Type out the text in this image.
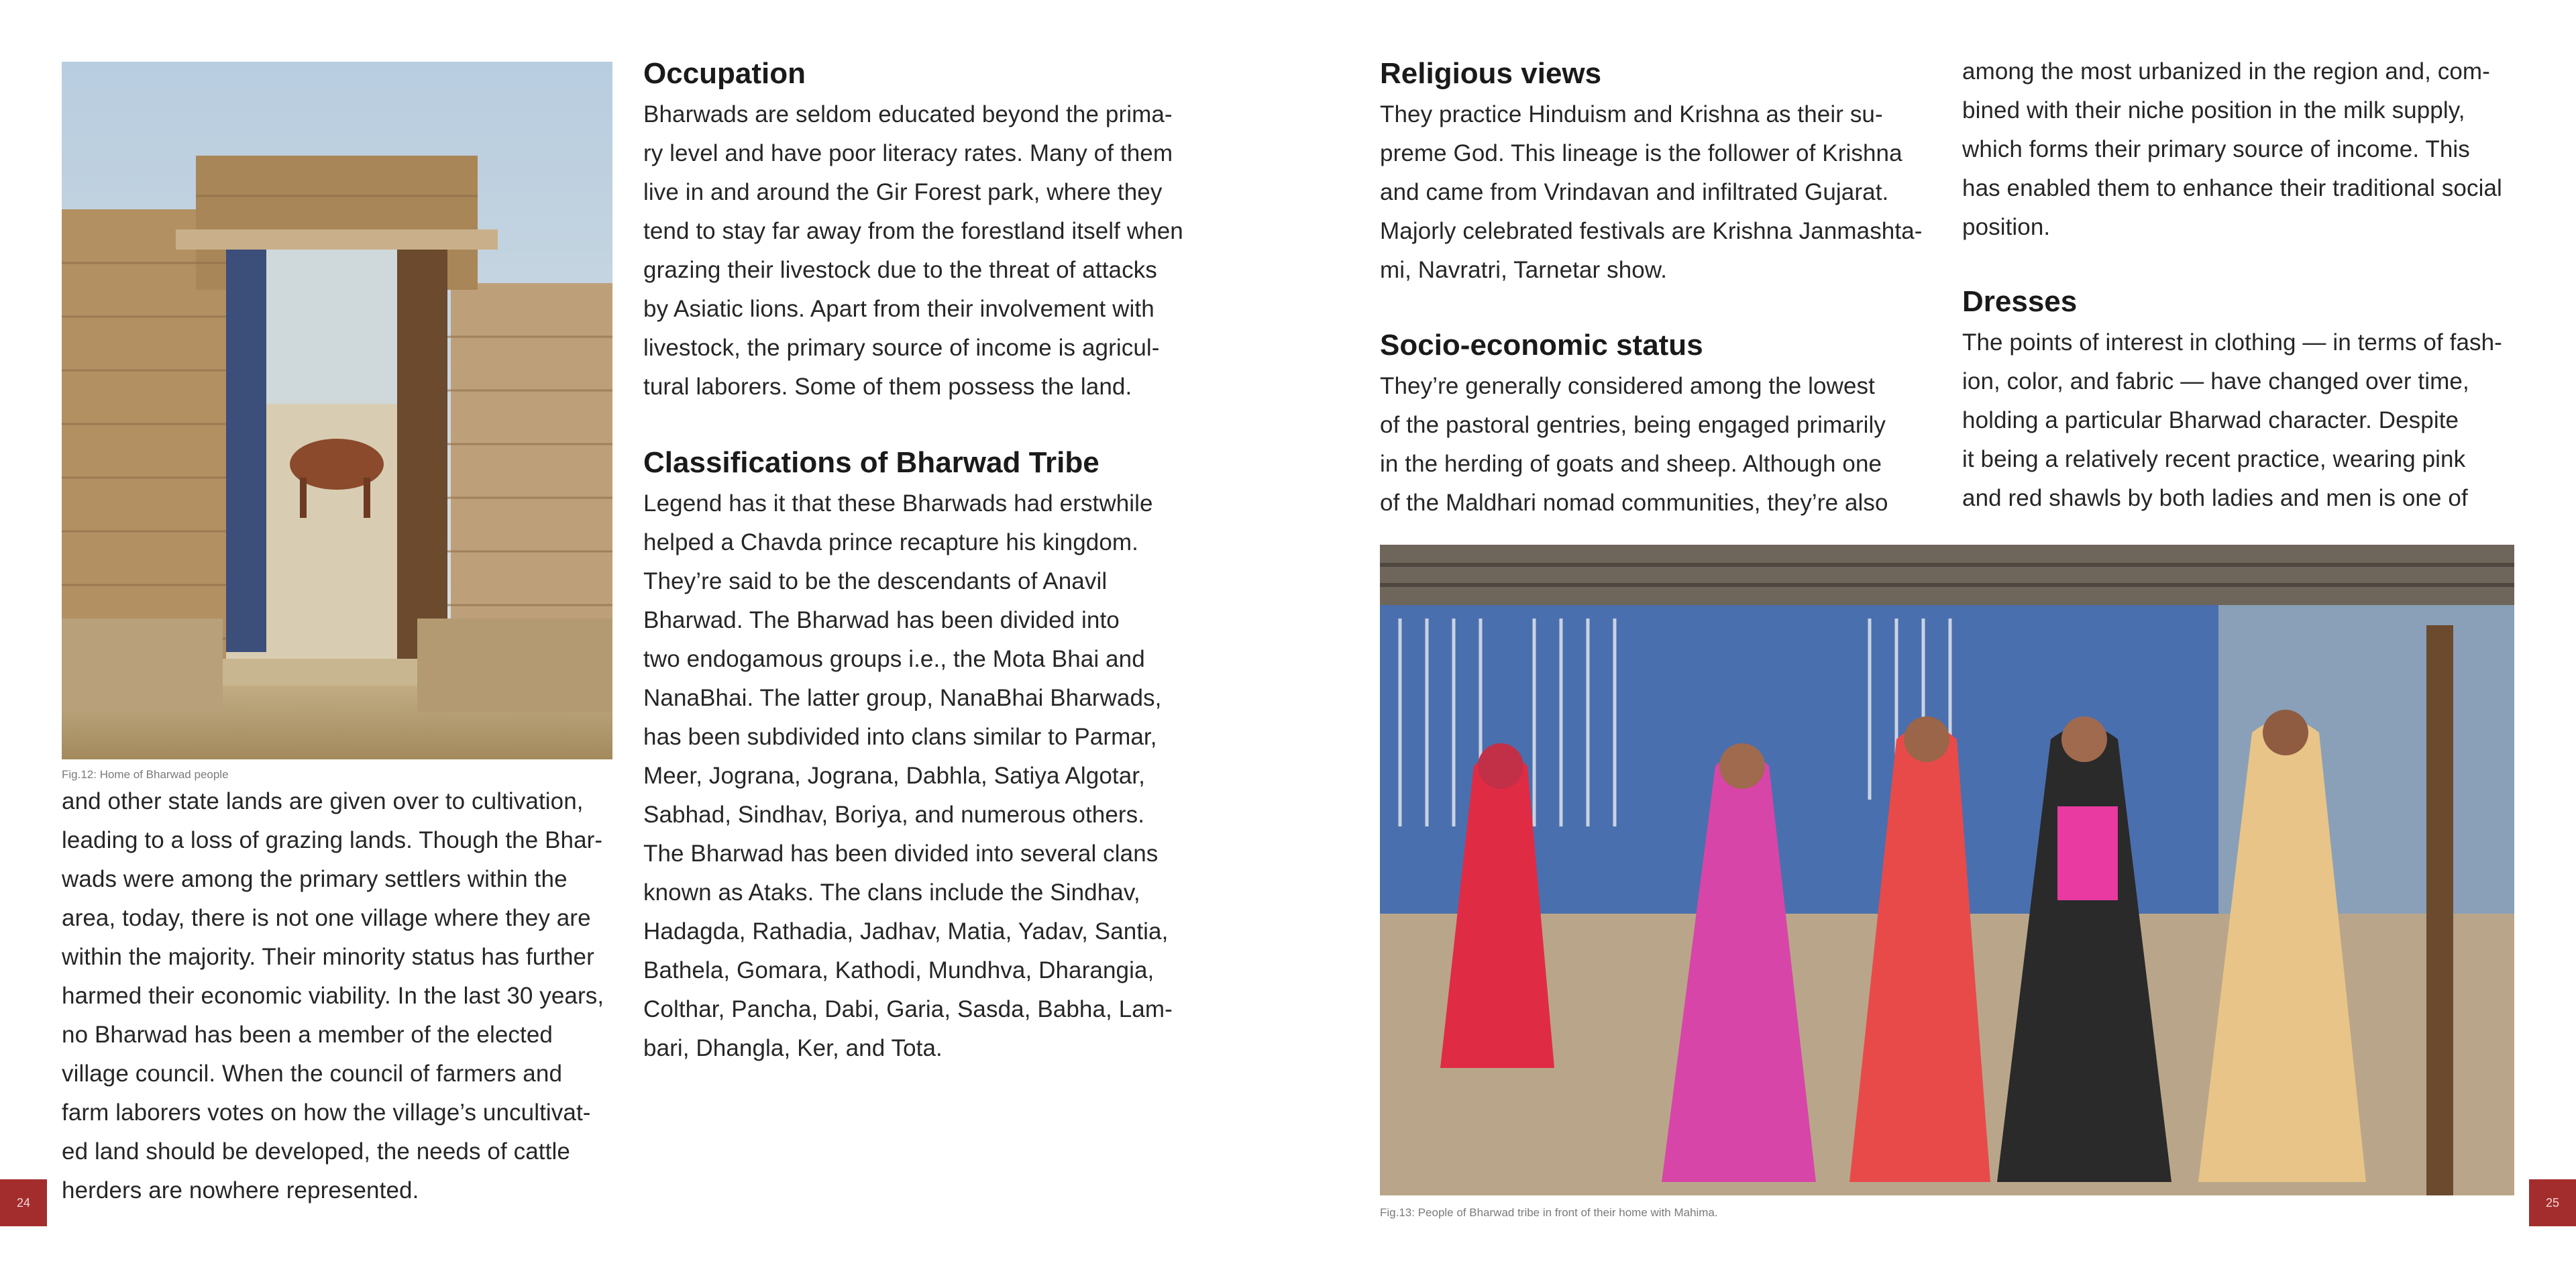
Fig.12: Home of Bharwad people

and other state lands are given over to cultivation,
leading to a loss of grazing lands. Though the Bhar-
wads were among the primary settlers within the
area, today, there is not one village where they are
within the majority. Their minority status has further
harmed their economic viability. In the last 30 years,
no Bharwad has been a member of the elected
village council. When the council of farmers and
farm laborers votes on how the village’s uncultivat-
ed land should be developed, the needs of cattle
herders are nowhere represented.

Occupation

Bharwads are seldom educated beyond the prima-
ry level and have poor literacy rates. Many of them
live in and around the Gir Forest park, where they
tend to stay far away from the forestland itself when
grazing their livestock due to the threat of attacks
by Asiatic lions. Apart from their involvement with
livestock, the primary source of income is agricul-
tural laborers. Some of them possess the land.

Classifications of Bharwad Tribe

Legend has it that these Bharwads had erstwhile
helped a Chavda prince recapture his kingdom.
They’re said to be the descendants of Anavil
Bharwad. The Bharwad has been divided into
two endogamous groups i.e., the Mota Bhai and
NanaBhai. The latter group, NanaBhai Bharwads,
has been subdivided into clans similar to Parmar,
Meer, Jograna, Jograna, Dabhla, Satiya Algotar,
Sabhad, Sindhav, Boriya, and numerous others.
The Bharwad has been divided into several clans
known as Ataks. The clans include the Sindhav,
Hadagda, Rathadia, Jadhav, Matia, Yadav, Santia,
Bathela, Gomara, Kathodi, Mundhva, Dharangia,
Colthar, Pancha, Dabi, Garia, Sasda, Babha, Lam-
bari, Dhangla, Ker, and Tota.

24
Religious views

They practice Hinduism and Krishna as their su-
preme God. This lineage is the follower of Krishna
and came from Vrindavan and infiltrated Gujarat.
Majorly celebrated festivals are Krishna Janmashta-
mi, Navratri, Tarnetar show.

Socio-economic status

They’re generally considered among the lowest
of the pastoral gentries, being engaged primarily
in the herding of goats and sheep. Although one
of the Maldhari nomad communities, they’re also

among the most urbanized in the region and, com-
bined with their niche position in the milk supply,
which forms their primary source of income. This
has enabled them to enhance their traditional social
position.

Dresses

The points of interest in clothing — in terms of fash-
ion, color, and fabric — have changed over time,
holding a particular Bharwad character. Despite
it being a relatively recent practice, wearing pink
and red shawls by both ladies and men is one of

Fig.13: People of Bharwad tribe in front of their home with Mahima.
25
